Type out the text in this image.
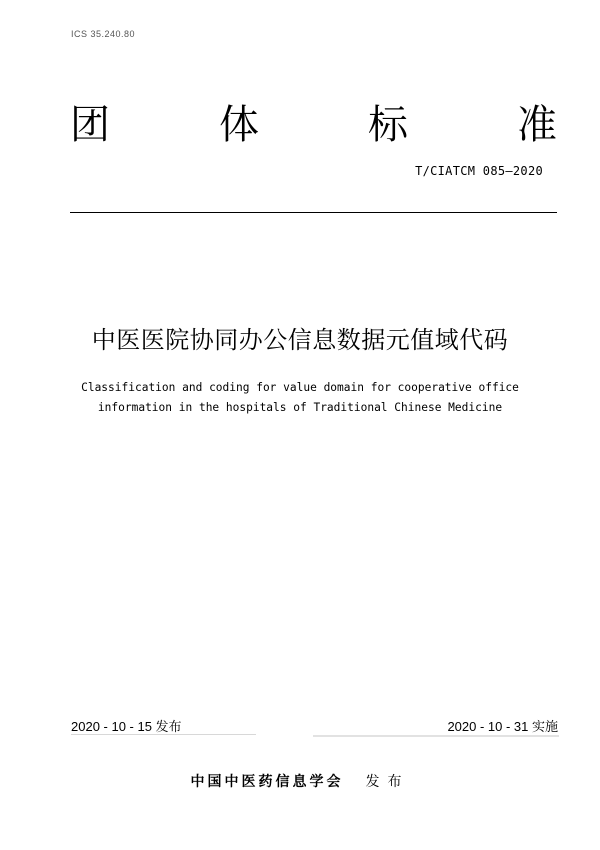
ICS 35.240.80
团	体	标	准
T/CIATCM 085—2020
中医医院协同办公信息数据元值域代码
Classification and coding for value domain for cooperative office
information in the hospitals of Traditional Chinese Medicine
2020 - 10 - 15 发布	2020 - 10 - 31 实施
中国中医药信息学会 发布
